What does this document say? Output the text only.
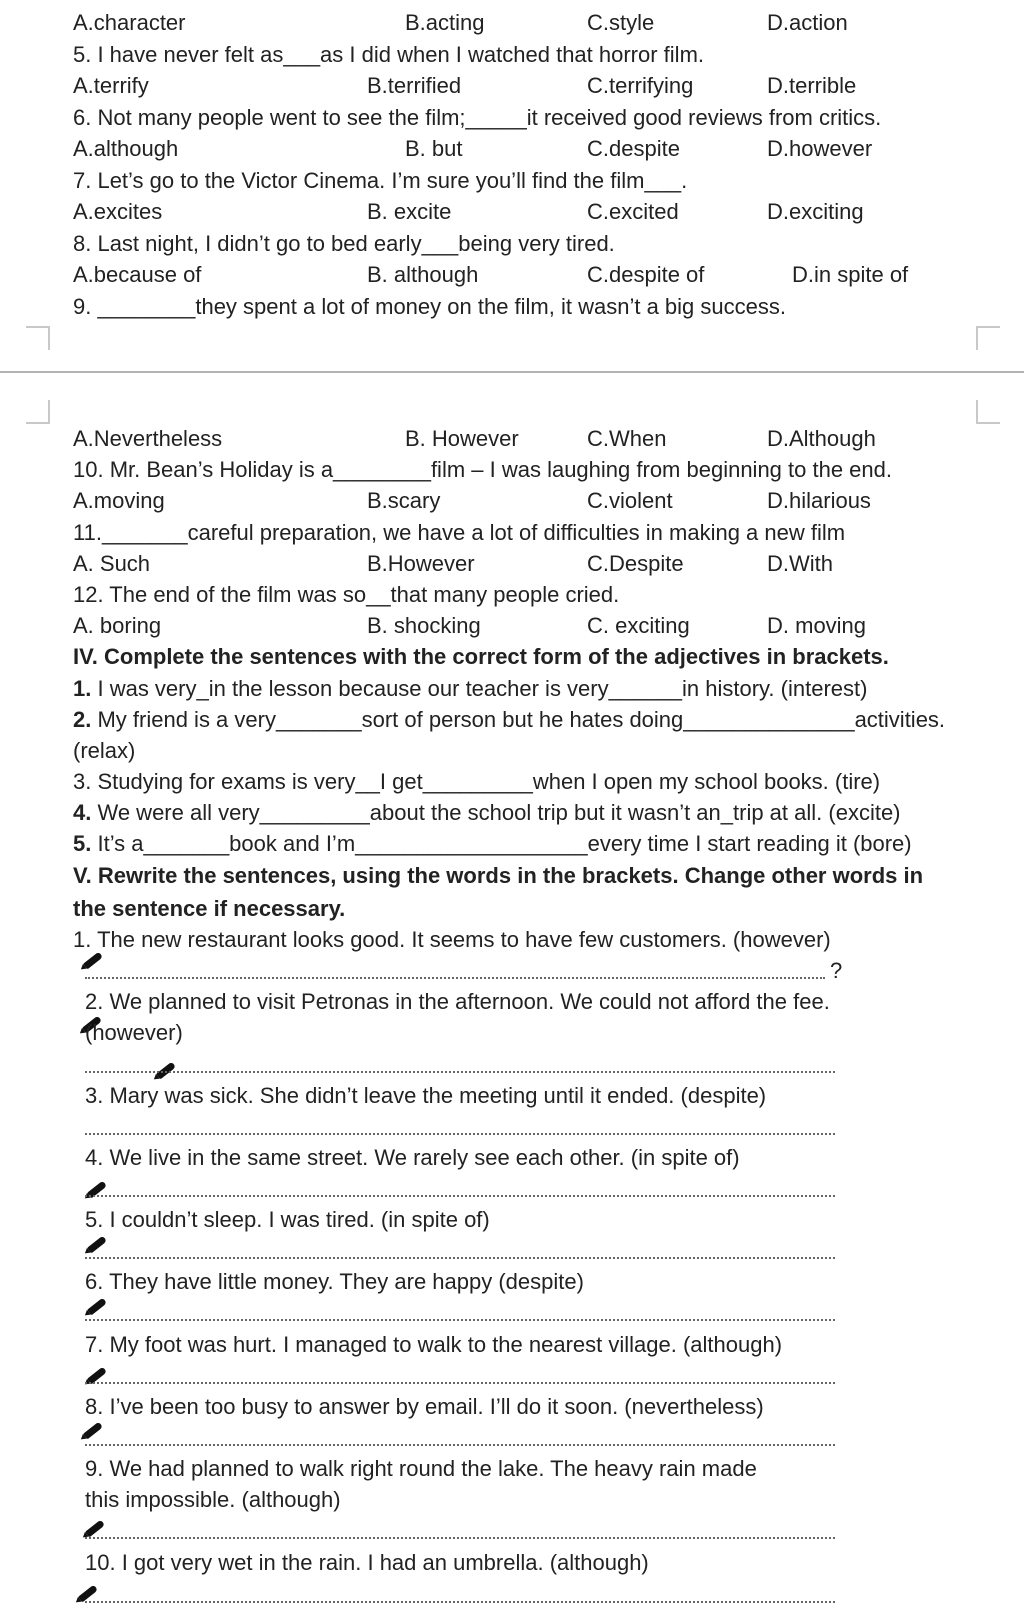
A.character	B.acting	C.style	D.action
5. I have never felt as___as I did when I watched that horror film.
A.terrify	B.terrified	C.terrifying	D.terrible
6. Not many people went to see the film;_____it received good reviews from critics.
A.although	B. but	C.despite	D.however
7. Let’s go to the Victor Cinema. I’m sure you’ll find the film___.
A.excites	B. excite	C.excited	D.exciting
8. Last night, I didn’t go to bed early___being very tired.
A.because of	B. although	C.despite of	D.in spite of
9. ________they spent a lot of money on the film, it wasn’t a big success.
A.Nevertheless	B. However	C.When	D.Although
10. Mr. Bean’s Holiday is a________film – I was laughing from beginning to the end.
A.moving	B.scary	C.violent	D.hilarious
11._______careful preparation, we have a lot of difficulties in making a new film
A. Such	B.However	C.Despite	D.With
12. The end of the film was so__that many people cried.
A. boring	B. shocking	C. exciting	D. moving
IV. Complete the sentences with the correct form of the adjectives in brackets.
1. I was very_in the lesson because our teacher is very______in history. (interest)
2. My friend is a very_______sort of person but he hates doing______________activities.
(relax)
3. Studying for exams is very__I get_________when I open my school books. (tire)
4. We were all very_________about the school trip but it wasn’t an_trip at all. (excite)
5. It’s a_______book and I’m___________________every time I start reading it (bore)
V. Rewrite the sentences, using the words in the brackets. Change other words in
the sentence if necessary.
1. The new restaurant looks good. It seems to have few customers. (however)
?
2. We planned to visit Petronas in the afternoon. We could not afford the fee.
(however)
3. Mary was sick. She didn’t leave the meeting until it ended. (despite)
4. We live in the same street. We rarely see each other. (in spite of)
5. I couldn’t sleep. I was tired. (in spite of)
6. They have little money. They are happy (despite)
7. My foot was hurt. I managed to walk to the nearest village. (although)
8. I’ve been too busy to answer by email. I’ll do it soon. (nevertheless)
9. We had planned to walk right round the lake. The heavy rain made
this impossible. (although)
10. I got very wet in the rain. I had an umbrella. (although)
